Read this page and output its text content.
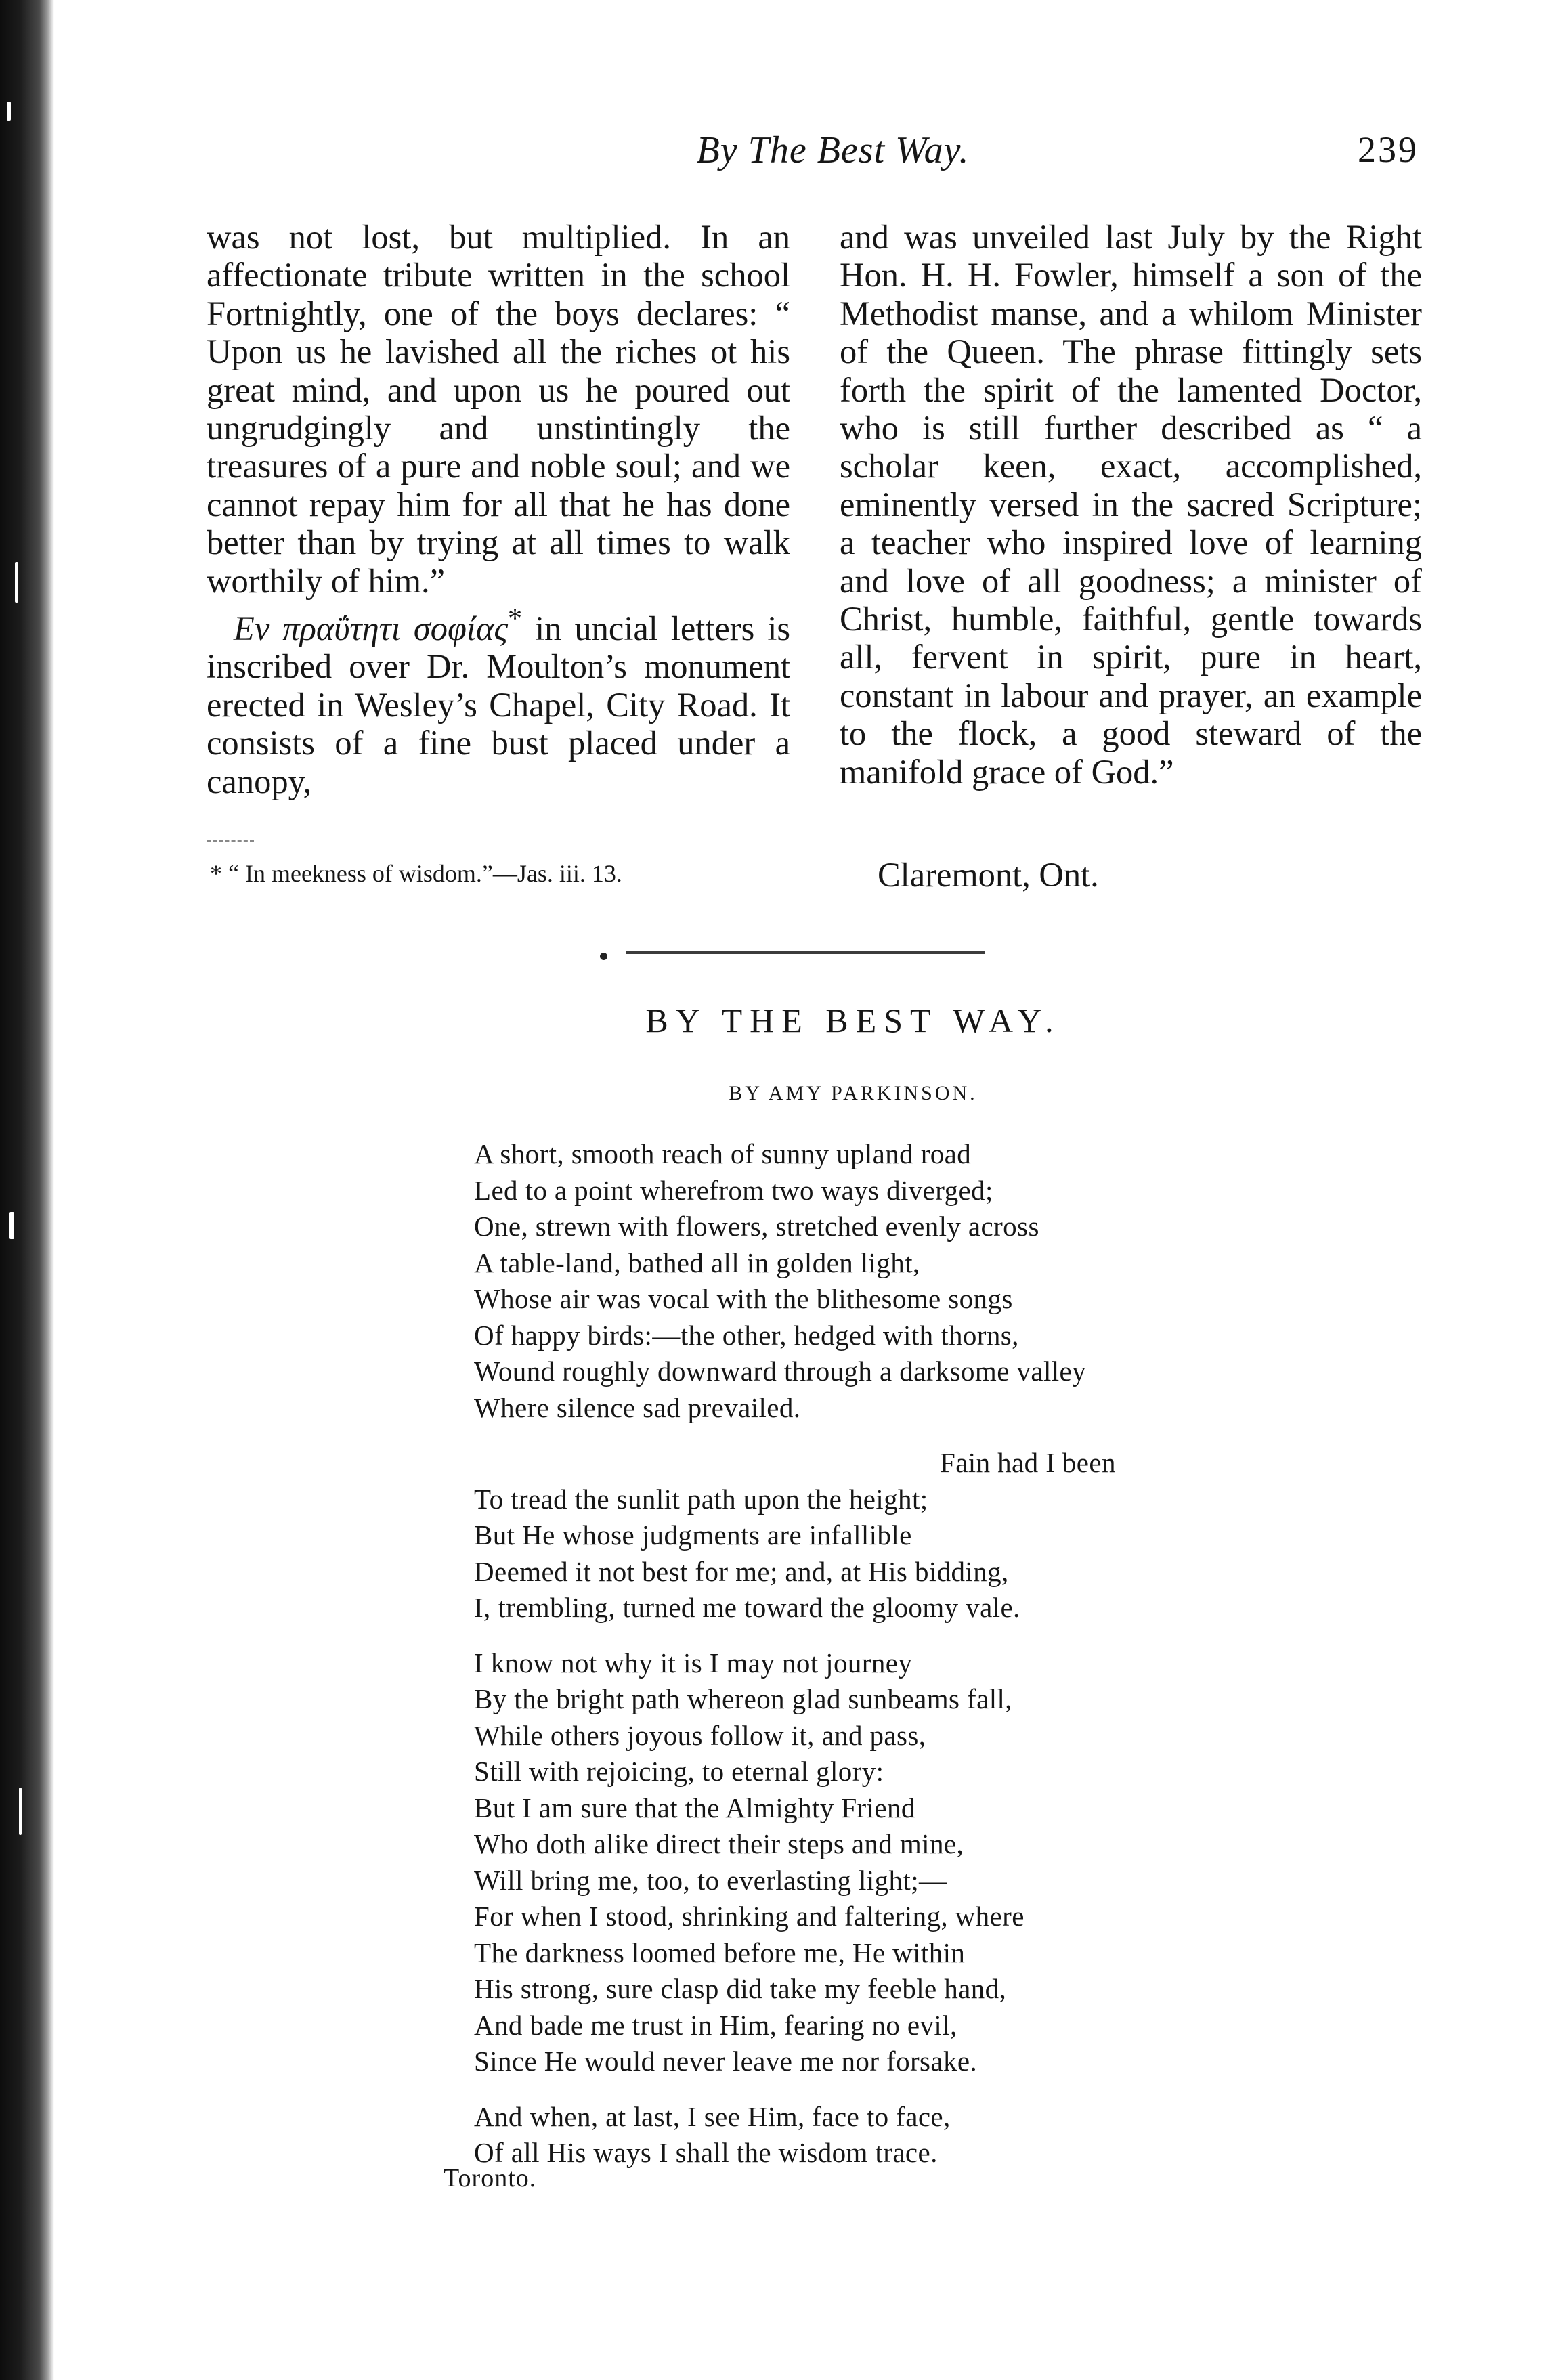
By The Best Way.	239

was not lost, but multiplied. In an affectionate tribute written in the school Fortnightly, one of the boys declares: “ Upon us he lavished all the riches ot his great mind, and upon us he poured out ungrudgingly and unstintingly the treasures of a pure and noble soul; and we cannot repay him for all that he has done better than by trying at all times to walk worthily of him.”

Εν πραΰτητι σοφίας* in uncial letters is inscribed over Dr. Moulton’s monument erected in Wesley’s Chapel, City Road. It consists of a fine bust placed under a canopy,

* “ In meekness of wisdom.”—Jas. iii. 13.

and was unveiled last July by the Right Hon. H. H. Fowler, himself a son of the Methodist manse, and a whilom Minister of the Queen. The phrase fittingly sets forth the spirit of the lamented Doctor, who is still further described as “ a scholar keen, exact, accomplished, eminently versed in the sacred Scripture; a teacher who inspired love of learning and love of all goodness; a minister of Christ, humble, faithful, gentle towards all, fervent in spirit, pure in heart, constant in labour and prayer, an example to the flock, a good steward of the manifold grace of God.”

Claremont, Ont.
BY THE BEST WAY.
BY AMY PARKINSON.
A short, smooth reach of sunny upland road
Led to a point wherefrom two ways diverged;
One, strewn with flowers, stretched evenly across
A table-land, bathed all in golden light,
Whose air was vocal with the blithesome songs
Of happy birds:—the other, hedged with thorns,
Wound roughly downward through a darksome valley
Where silence sad prevailed.
Fain had I been
To tread the sunlit path upon the height;
But He whose judgments are infallible
Deemed it not best for me; and, at His bidding,
I, trembling, turned me toward the gloomy vale.
I know not why it is I may not journey
By the bright path whereon glad sunbeams fall,
While others joyous follow it, and pass,
Still with rejoicing, to eternal glory:
But I am sure that the Almighty Friend
Who doth alike direct their steps and mine,
Will bring me, too, to everlasting light;—
For when I stood, shrinking and faltering, where
The darkness loomed before me, He within
His strong, sure clasp did take my feeble hand,
And bade me trust in Him, fearing no evil,
Since He would never leave me nor forsake.
And when, at last, I see Him, face to face,
Of all His ways I shall the wisdom trace.
Toronto.
